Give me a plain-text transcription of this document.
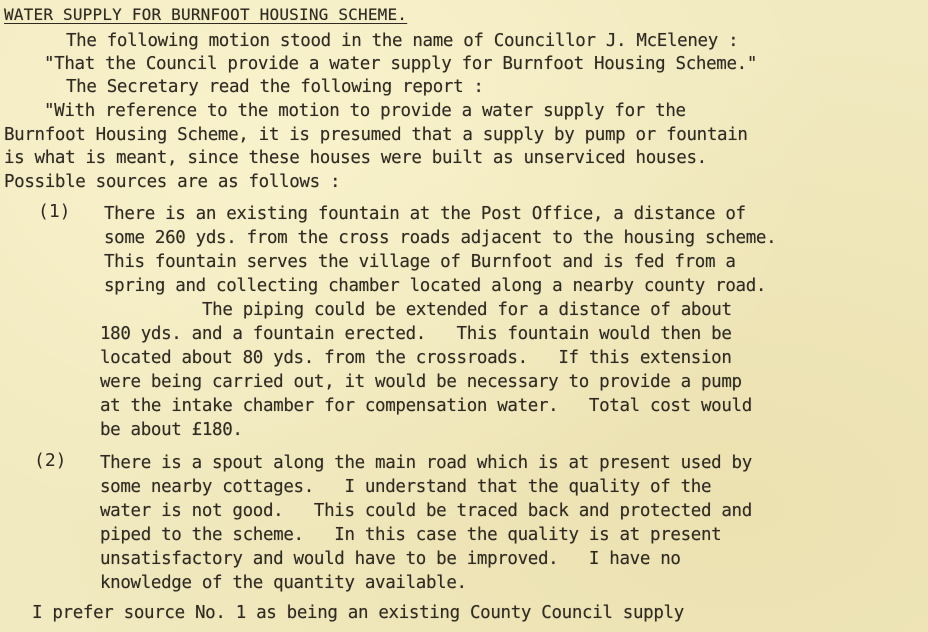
WATER SUPPLY FOR BURNFOOT HOUSING SCHEME.
The following motion stood in the name of Councillor J. McEleney :
"That the Council provide a water supply for Burnfoot Housing Scheme."
The Secretary read the following report :
"With reference to the motion to provide a water supply for the
Burnfoot Housing Scheme, it is presumed that a supply by pump or fountain
is what is meant, since these houses were built as unserviced houses.
Possible sources are as follows :
(1) There is an existing fountain at the Post Office, a distance of
some 260 yds. from the cross roads adjacent to the housing scheme.
This fountain serves the village of Burnfoot and is fed from a
spring and collecting chamber located along a nearby county road.
The piping could be extended for a distance of about
180 yds. and a fountain erected.   This fountain would then be
located about 80 yds. from the crossroads.   If this extension
were being carried out, it would be necessary to provide a pump
at the intake chamber for compensation water.   Total cost would
be about £180.
(2) There is a spout along the main road which is at present used by
some nearby cottages.   I understand that the quality of the
water is not good.   This could be traced back and protected and
piped to the scheme.   In this case the quality is at present
unsatisfactory and would have to be improved.   I have no
knowledge of the quantity available.
I prefer source No. 1 as being an existing County Council supply
